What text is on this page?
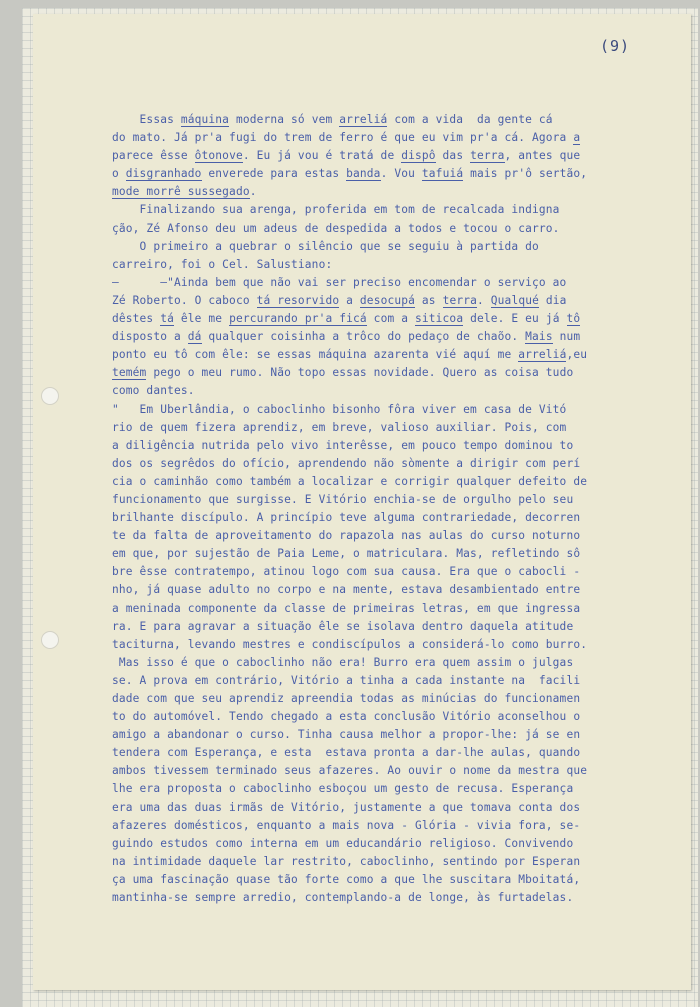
(9)
Essas máquina moderna só vem arreliá com a vida  da gente cá
do mato. Já pr'a fugi do trem de ferro é que eu vim pr'a cá. Agora a
parece êsse ôtonove. Eu já vou é tratá de dispô das terra, antes que
o disgranhado enverede para estas banda. Vou tafuiá mais pr'ô sertão,
mode morrê sussegado.
Finalizando sua arenga, proferida em tom de recalcada indigna
ção, Zé Afonso deu um adeus de despedida a todos e tocou o carro.
O primeiro a quebrar o silêncio que se seguiu à partida do
carreiro, foi o Cel. Salustiano:
—      —"Ainda bem que não vai ser preciso encomendar o serviço ao
Zé Roberto. O caboco tá resorvido a desocupá as terra. Qualqué dia
dêstes tá êle me percurando pr'a ficá com a siticoa dele. E eu já tô
disposto a dá qualquer coisinha a trôco do pedaço de chaõo. Mais num
ponto eu tô com êle: se essas máquina azarenta vié aquí me arreliá,eu
temém pego o meu rumo. Não topo essas novidade. Quero as coisa tudo
como dantes.
"   Em Uberlândia, o caboclinho bisonho fôra viver em casa de Vitó
rio de quem fizera aprendiz, em breve, valioso auxiliar. Pois, com
a diligência nutrida pelo vivo interêsse, em pouco tempo dominou to
dos os segrêdos do ofício, aprendendo não sòmente a dirigir com perí
cia o caminhão como também a localizar e corrigir qualquer defeito de
funcionamento que surgisse. E Vitório enchia-se de orgulho pelo seu
brilhante discípulo. A princípio teve alguma contrariedade, decorren
te da falta de aproveitamento do rapazola nas aulas do curso noturno
em que, por sujestão de Paia Leme, o matriculara. Mas, refletindo sô
bre êsse contratempo, atinou logo com sua causa. Era que o cabocli -
nho, já quase adulto no corpo e na mente, estava desambientado entre
a meninada componente da classe de primeiras letras, em que ingressa
ra. E para agravar a situação êle se isolava dentro daquela atitude
taciturna, levando mestres e condiscípulos a considerá-lo como burro.
Mas isso é que o caboclinho não era! Burro era quem assim o julgas
se. A prova em contrário, Vitório a tinha a cada instante na  facili
dade com que seu aprendiz apreendia todas as minúcias do funcionamen
to do automóvel. Tendo chegado a esta conclusão Vitório aconselhou o
amigo a abandonar o curso. Tinha causa melhor a propor-lhe: já se en
tendera com Esperança, e esta  estava pronta a dar-lhe aulas, quando
ambos tivessem terminado seus afazeres. Ao ouvir o nome da mestra que
lhe era proposta o caboclinho esboçou um gesto de recusa. Esperança
era uma das duas irmãs de Vitório, justamente a que tomava conta dos
afazeres domésticos, enquanto a mais nova - Glória - vivia fora, se-
guindo estudos como interna em um educandário religioso. Convivendo
na intimidade daquele lar restrito, caboclinho, sentindo por Esperan
ça uma fascinação quase tão forte como a que lhe suscitara Mboitatá,
mantinha-se sempre arredio, contemplando-a de longe, às furtadelas.
